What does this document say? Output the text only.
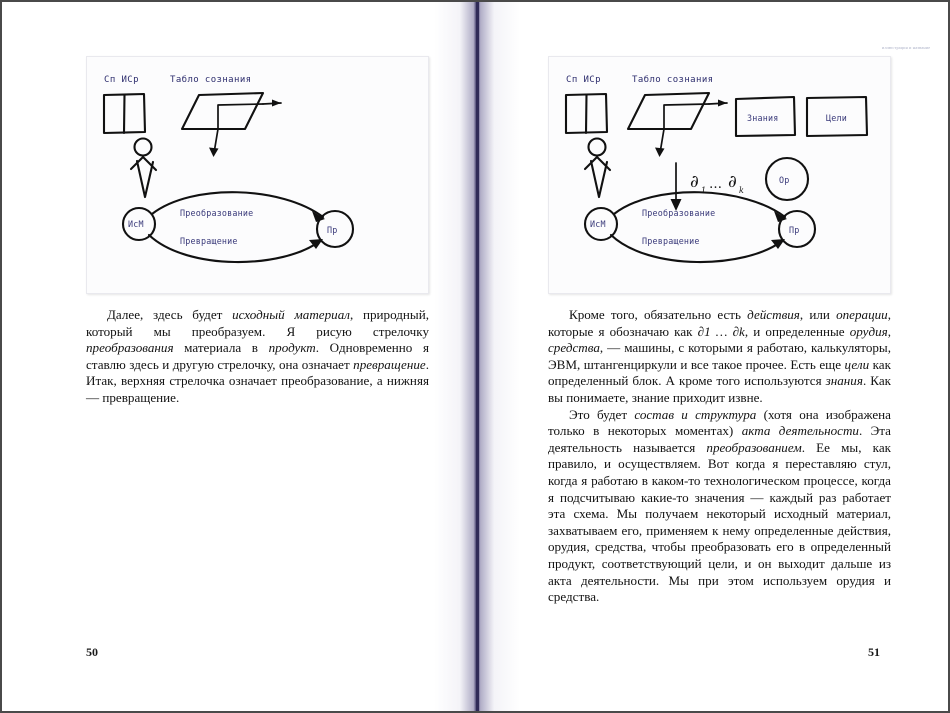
Сп ИСр	Табло сознания
ИсМ
Пр
Преобразование
Превращение

Далее, здесь будет исходный материал, природный, который мы преобразуем. Я рисую стрелочку преобразования материала в продукт. Одновременно я ставлю здесь и другую стрелочку, она означает превращение. Итак, верхняя стрелочка означает преобразование, а нижняя — превращение.

50
иллюстрация и название
Сп ИСр	Табло сознания
Знания	Цели
∂ 1 … ∂ k
Ор
ИсМ
Пр
Преобразование
Превращение

Кроме того, обязательно есть действия, или операции, которые я обозначаю как ∂1 … ∂k, и определенные орудия, средства, — машины, с которыми я работаю, калькуляторы, ЭВМ, штангенциркули и все такое прочее. Есть еще цели как определенный блок. А кроме того используются знания. Как вы понимаете, знание приходит извне.

Это будет состав и структура (хотя она изображена только в некоторых моментах) акта деятельности. Эта деятельность называется преобразованием. Ее мы, как правило, и осуществляем. Вот когда я переставляю стул, когда я работаю в каком-то технологическом процессе, когда я подсчитываю какие-то значения — каждый раз работает эта схема. Мы получаем некоторый исходный материал, захватываем его, применяем к нему определенные действия, орудия, средства, чтобы преобразовать его в определенный продукт, соответствующий цели, и он выходит дальше из акта деятельности. Мы при этом используем орудия и средства.

51
